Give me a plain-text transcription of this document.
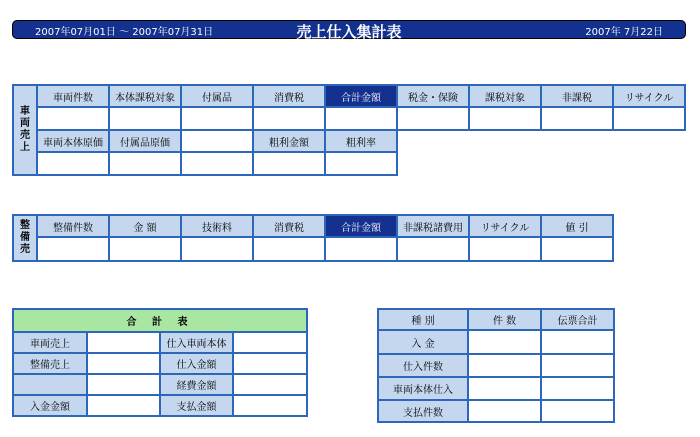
2007年07月01日 ～ 2007年07月31日	売上仕入集計表	2007年 7月22日
車両売上	車両件数	本体課税対象	付属品	消費税	合計金額	税金・保険	課税対象	非課税	リサイクル

	車両本体原価	付属品原価		粗利金額	粗利率				

整備売	整備件数	金 額	技術料	消費税	合計金額	非課税諸費用	リサイクル	値 引

合 計 表			
車両売上		仕入車両本体	
整備売上		仕入金額	
		経費金額	
入金金額		支払金額	
種 別	件 数	伝票合計
入 金		
仕入件数		
車両本体仕入		
支払件数		
